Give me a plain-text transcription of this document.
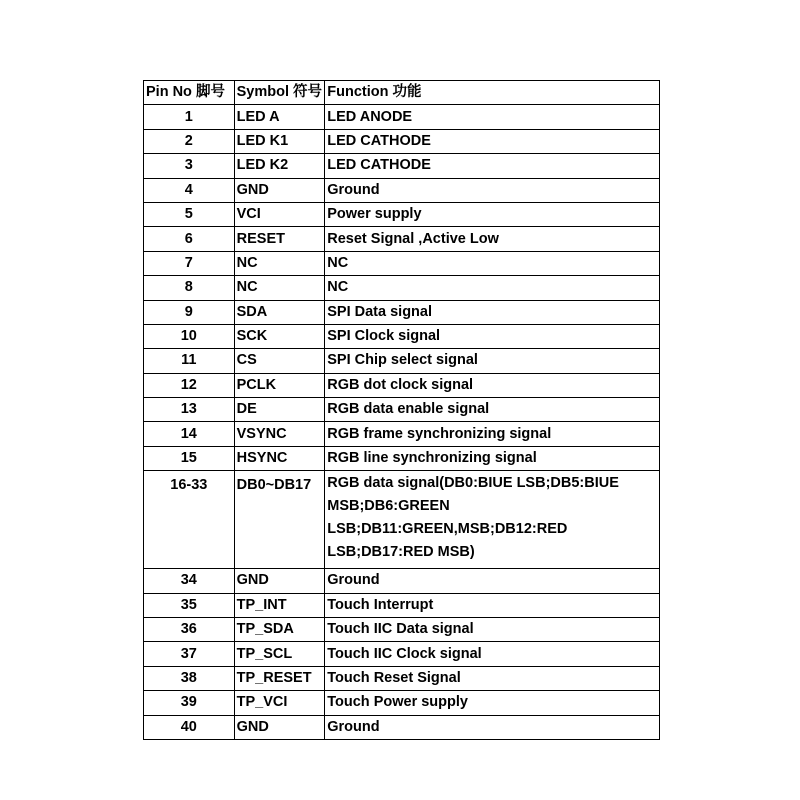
Pin No 脚号	Symbol 符号	Function 功能
1	LED A	LED ANODE
2	LED K1	LED CATHODE
3	LED K2	LED CATHODE
4	GND	Ground
5	VCI	Power supply
6	RESET	Reset Signal ,Active Low
7	NC	NC
8	NC	NC
9	SDA	SPI Data signal
10	SCK	SPI Clock signal
11	CS	SPI Chip select signal
12	PCLK	RGB dot clock signal
13	DE	RGB data enable signal
14	VSYNC	RGB frame synchronizing signal
15	HSYNC	RGB line synchronizing signal
16-33	DB0~DB17	RGB data signal(DB0:BIUE LSB;DB5:BIUE
MSB;DB6:GREEN LSB;DB11:GREEN,MSB;DB12:RED
LSB;DB17:RED MSB)

34	GND	Ground
35	TP_INT	Touch Interrupt
36	TP_SDA	Touch IIC Data signal
37	TP_SCL	Touch IIC Clock signal
38	TP_RESET	Touch Reset Signal
39	TP_VCI	Touch Power supply
40	GND	Ground
